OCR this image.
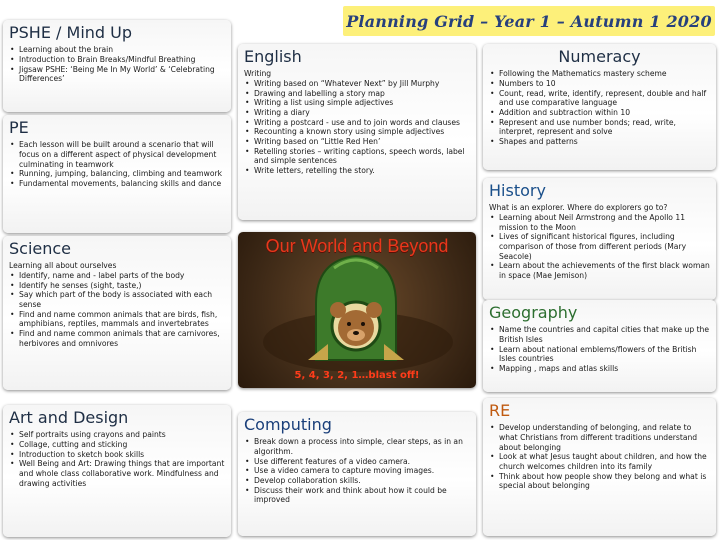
Planning Grid – Year 1 – Autumn 1 2020
PSHE / Mind Up
• Learning about the brain
• Introduction to Brain Breaks/Mindful Breathing
• Jigsaw PSHE: ‘Being Me In My World’ & ‘Celebrating Differences’
PE
• Each lesson will be built around a scenario that will focus on a different aspect of physical development culminating in teamwork
• Running, jumping, balancing, climbing and teamwork
• Fundamental movements, balancing skills and dance
Science

Learning all about ourselves

• Identify, name and - label parts of the body
• Identify he senses (sight, taste,)
• Say which part of the body is associated with each sense
• Find and name common animals that are birds, fish, amphibians, reptiles, mammals and invertebrates
• Find and name common animals that are carnivores, herbivores and omnivores
Art and Design
• Self portraits using crayons and paints
• Collage, cutting and sticking
• Introduction to sketch book skills
• Well Being and Art: Drawing things that are important and whole class collaborative work. Mindfulness and drawing activities
English

Writing

• Writing based on “Whatever Next” by Jill Murphy
• Drawing and labelling a story map
• Writing a list using simple adjectives
• Writing a diary
• Writing a postcard - use and to join words and clauses
• Recounting a known story using simple adjectives
• Writing based on “Little Red Hen’
• Retelling stories – writing captions, speech words, label and simple sentences
• Write letters, retelling the story.
Our World and Beyond
5, 4, 3, 2, 1…blast off!
Computing
• Break down a process into simple, clear steps, as in an algorithm.
• Use different features of a video camera.
• Use a video camera to capture moving images.
• Develop collaboration skills.
• Discuss their work and think about how it could be improved
Numeracy
• Following the Mathematics mastery scheme
• Numbers to 10
• Count, read, write, identify, represent, double and half and use comparative language
• Addition and subtraction within 10
• Represent and use number bonds; read, write, interpret, represent and solve
• Shapes and patterns
History

What is an explorer. Where do explorers go to?

• Learning about Neil Armstrong and the Apollo 11 mission to the Moon
• Lives of significant historical figures, including comparison of those from different periods (Mary Seacole)
• Learn about the achievements of the first black woman in space (Mae Jemison)
Geography
• Name the countries and capital cities that make up the British Isles
• Learn about national emblems/flowers of the British Isles countries
• Mapping , maps and atlas skills
RE
• Develop understanding of belonging, and relate to what Christians from different traditions understand about belonging
• Look at what Jesus taught about children, and how the church welcomes children into its family
• Think about how people show they belong and what is special about belonging
